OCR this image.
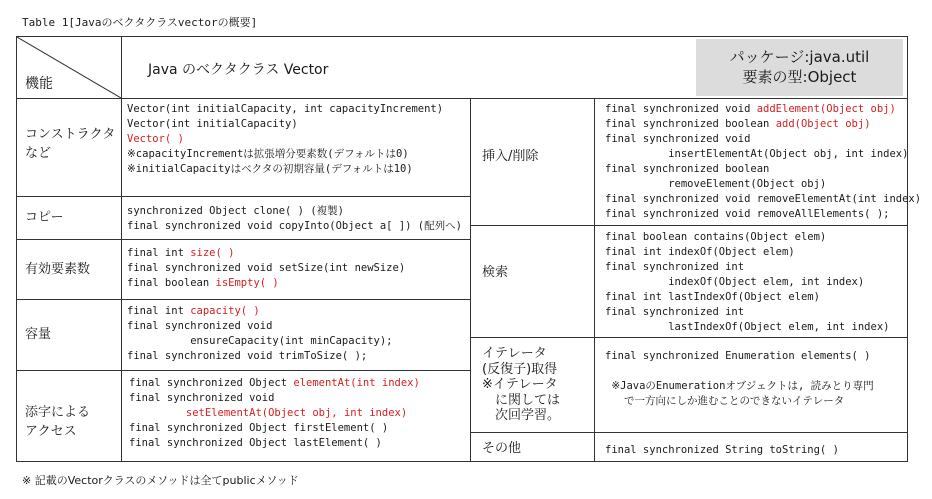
Table 1[Javaのベクタクラスvectorの概要]
機能
Java のベクタクラス Vector
パッケージ:java.util
要素の型:Object
コンストラクタ
など
コピー
有効要素数
容量
添字による
アクセス
挿入/削除
検索
イテレータ
(反復子)取得
※イテレータ
　に関しては
　次回学習。
その他
Vector(int initialCapacity, int capacityIncrement)
Vector(int initialCapacity)
Vector( )
※capacityIncrementは拡張増分要素数(デフォルトは0)
※initialCapacityはベクタの初期容量(デフォルトは10)
synchronized Object clone( ) (複製)
final synchronized void copyInto(Object a[ ]) (配列へ)
final int size( )
final synchronized void setSize(int newSize)
final boolean isEmpty( )
final int capacity( )
final synchronized void
ensureCapacity(int minCapacity);
final synchronized void trimToSize( );
final synchronized Object elementAt(int index)
final synchronized void
setElementAt(Object obj, int index)
final synchronized Object firstElement( )
final synchronized Object lastElement( )
final synchronized void addElement(Object obj)
final synchronized boolean add(Object obj)
final synchronized void
insertElementAt(Object obj, int index)
final synchronized boolean
removeElement(Object obj)
final synchronized void removeElementAt(int index)
final synchronized void removeAllElements( );
final boolean contains(Object elem)
final int indexOf(Object elem)
final synchronized int
indexOf(Object elem, int index)
final int lastIndexOf(Object elem)
final synchronized int
lastIndexOf(Object elem, int index)
final synchronized Enumeration elements( )

※JavaのEnumerationオブジェクトは, 読みとり専門
で一方向にしか進むことのできないイテレータ
final synchronized String toString( )
※ 記載のVectorクラスのメソッドは全てpublicメソッド
